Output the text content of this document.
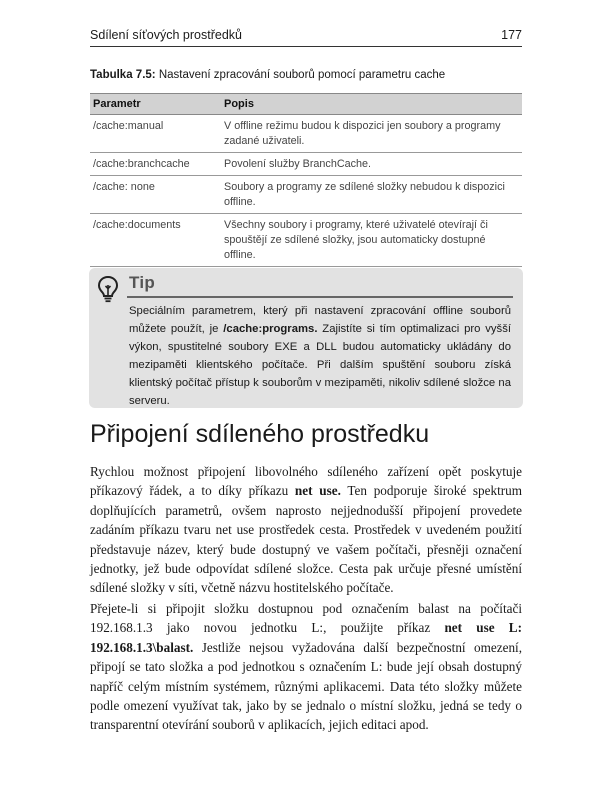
Sdílení síťových prostředků	177
Tabulka 7.5: Nastavení zpracování souborů pomocí parametru cache
Parametr	Popis
/cache:manual	V offline režimu budou k dispozici jen soubory a programy zadané uživateli.
/cache:branchcache	Povolení služby BranchCache.
/cache: none	Soubory a programy ze sdílené složky nebudou k dispozici offline.
/cache:documents	Všechny soubory i programy, které uživatelé otevírají či spouštějí ze sdílené složky, jsou automaticky dostupné offline.
Tip
Speciálním parametrem, který při nastavení zpracování offline souborů můžete použít, je /cache:programs. Zajistíte si tím optimalizaci pro vyšší výkon, spustitelné soubory EXE a DLL budou automaticky ukládány do mezipaměti klientského počítače. Při dalším spuštění souboru získá klientský počítač přístup k souborům v mezipaměti, nikoliv sdílené složce na serveru.
Připojení sdíleného prostředku
Rychlou možnost připojení libovolného sdíleného zařízení opět poskytuje příkazový řádek, a to díky příkazu net use. Ten podporuje široké spektrum doplňujících parametrů, ovšem naprosto nejjednodušší připojení provedete zadáním příkazu tvaru net use prostředek cesta. Prostředek v uvedeném použití představuje název, který bude dostupný ve vašem počítači, přesněji označení jednotky, jež bude odpovídat sdílené složce. Cesta pak určuje přesné umístění sdílené složky v síti, včetně názvu hostitelského počítače.
Přejete-li si připojit složku dostupnou pod označením balast na počítači 192.168.1.3 jako novou jednotku L:, použijte příkaz net use L: 192.168.1.3\balast. Jestliže nejsou vyžadována další bezpečnostní omezení, připojí se tato složka a pod jednotkou s označením L: bude její obsah dostupný napříč celým místním systémem, různými aplikacemi. Data této složky můžete podle omezení využívat tak, jako by se jednalo o místní složku, jedná se tedy o transparentní otevírání souborů v aplikacích, jejich editaci apod.
